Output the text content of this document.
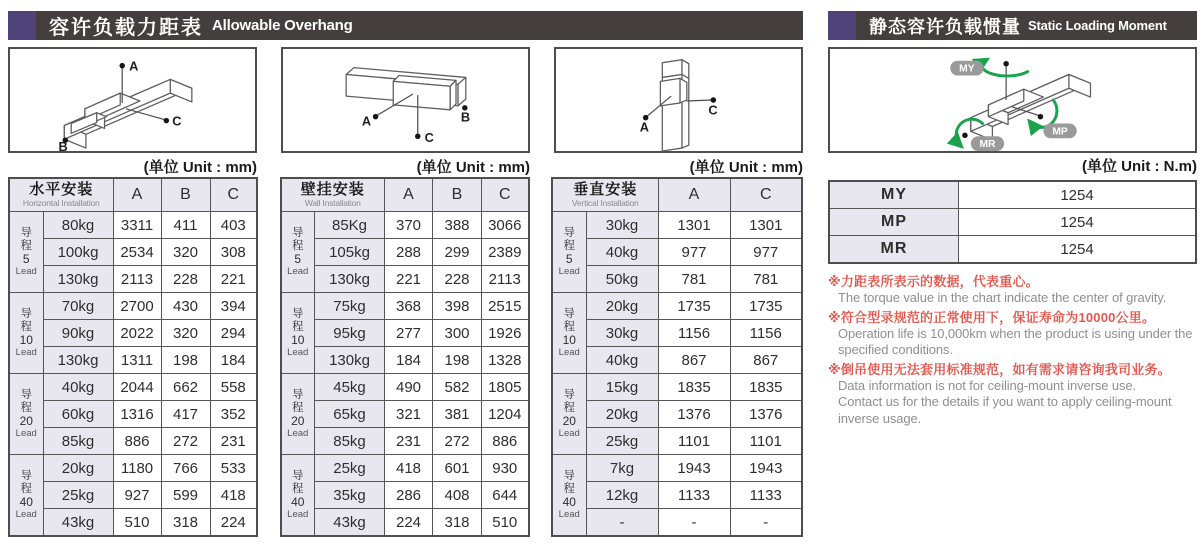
容许负载力距表 Allowable Overhang
A
B
C	A	B
C
A
C
(单位 Unit : mm)	(单位 Unit : mm)	(单位 Unit : mm)
水平安装
Horizontal Installation		A	B	C

导
程
5
Lead	80kg	3311	411	403
	100kg	2534	320	308
	130kg	2113	228	221

导
程
10
Lead	70kg	2700	430	394
	90kg	2022	320	294
	130kg	1311	198	184

导
程
20
Lead	40kg	2044	662	558
	60kg	1316	417	352
	85kg	886	272	231

导
程
40
Lead	20kg	1180	766	533
	25kg	927	599	418
	43kg	510	318	224
壁挂安装
Wall Installation		A	B	C

导
程
5
Lead	85Kg	370	388	3066
	105kg	288	299	2389
	130kg	221	228	2113

导
程
10
Lead	75kg	368	398	2515
	95kg	277	300	1926
	130kg	184	198	1328

导
程
20
Lead	45kg	490	582	1805
	65kg	321	381	1204
	85kg	231	272	886

导
程
40
Lead	25kg	418	601	930
	35kg	286	408	644
	43kg	224	318	510
垂直安装
Vertical Installation		A	C

导
程
5
Lead	30kg	1301	1301
	40kg	977	977
	50kg	781	781

导
程
10
Lead	20kg	1735	1735
	30kg	1156	1156
	40kg	867	867

导
程
20
Lead	15kg	1835	1835
	20kg	1376	1376
	25kg	1101	1101

导
程
40
Lead	7kg	1943	1943
	12kg	1133	1133
	-	-	-
静态容许负载惯量 Static Loading Moment
MY
MP
MR
(单位 Unit : N.m)
MY	1254
MP	1254
MR	1254
※力距表所表示的数据，代表重心。
The torque value in the chart indicate the center of gravity.
※符合型录规范的正常使用下，保证寿命为10000公里。
Operation life is 10,000km when the product is using under the
specified conditions.
※倒吊使用无法套用标准规范，如有需求请咨询我司业务。
Data information is not for ceiling-mount inverse use.
Contact us for the details if you want to apply ceiling-mount
inverse usage.
